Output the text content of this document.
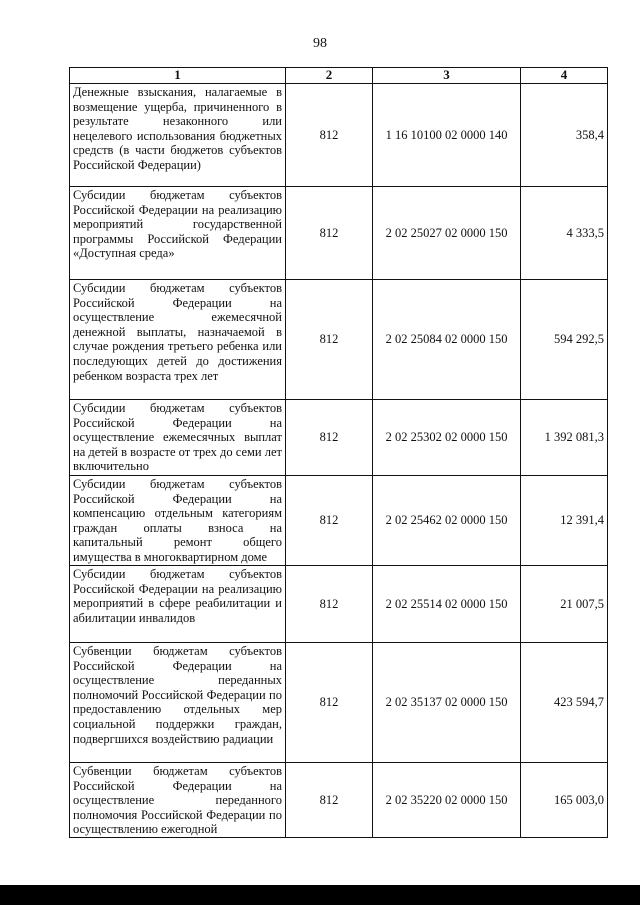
98
1	2	3	4
Денежные взыскания, налагаемые в возмещение ущерба, причиненного в результате незаконного или нецелевого использования бюджетных средств (в части бюджетов субъектов Российской Федерации)	812	1 16 10100 02 0000 140	358,4
Субсидии бюджетам субъектов Российской Федерации на реализацию мероприятий государственной программы Российской Федерации «Доступная среда»	812	2 02 25027 02 0000 150	4 333,5
Субсидии бюджетам субъектов Российской Федерации на осуществление ежемесячной денежной выплаты, назначаемой в случае рождения третьего ребенка или последующих детей до достижения ребенком возраста трех лет	812	2 02 25084 02 0000 150	594 292,5
Субсидии бюджетам субъектов Российской Федерации на осуществление ежемесячных выплат на детей в возрасте от трех до семи лет включительно	812	2 02 25302 02 0000 150	1 392 081,3
Субсидии бюджетам субъектов Российской Федерации на компенсацию отдельным категориям граждан оплаты взноса на капитальный ремонт общего имущества в многоквартирном доме	812	2 02 25462 02 0000 150	12 391,4
Субсидии бюджетам субъектов Российской Федерации на реализацию мероприятий в сфере реабилитации и абилитации инвалидов	812	2 02 25514 02 0000 150	21 007,5
Субвенции бюджетам субъектов Российской Федерации на осуществление переданных полномочий Российской Федерации по предоставлению отдельных мер социальной поддержки граждан, подвергшихся воздействию радиации	812	2 02 35137 02 0000 150	423 594,7
Субвенции бюджетам субъектов Российской Федерации на осуществление переданного полномочия Российской Федерации по осуществлению ежегодной	812	2 02 35220 02 0000 150	165 003,0
